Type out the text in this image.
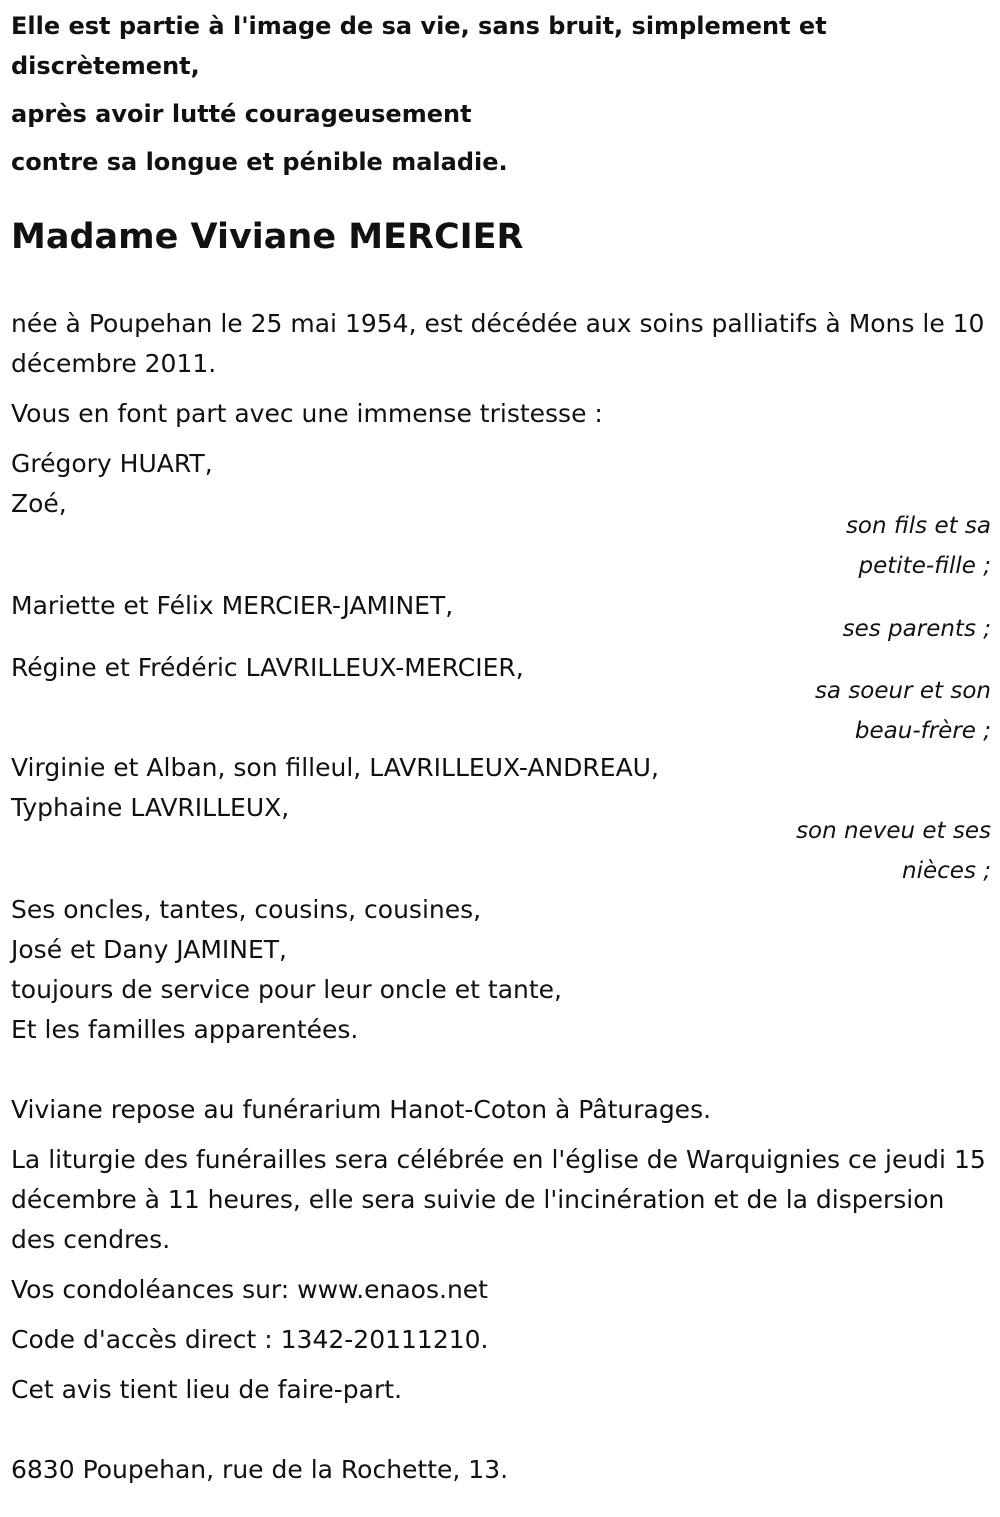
Elle est partie à l'image de sa vie, sans bruit, simplement et discrètement,

après avoir lutté courageusement

contre sa longue et pénible maladie.

Madame Viviane MERCIER

née à Poupehan le 25 mai 1954, est décédée aux soins palliatifs à Mons le 10 décembre 2011.

Vous en font part avec une immense tristesse :

Grégory HUART,

Zoé,

son fils et sa petite-fille ;

Mariette et Félix MERCIER-JAMINET,

ses parents ;

Régine et Frédéric LAVRILLEUX-MERCIER,

sa soeur et son beau-frère ;

Virginie et Alban, son filleul, LAVRILLEUX-ANDREAU,

Typhaine LAVRILLEUX,

son neveu et ses nièces ;

Ses oncles, tantes, cousins, cousines,

José et Dany JAMINET,

toujours de service pour leur oncle et tante,

Et les familles apparentées.

Viviane repose au funérarium Hanot-Coton à Pâturages.

La liturgie des funérailles sera célébrée en l'église de Warquignies ce jeudi 15 décembre à 11 heures, elle sera suivie de l'incinération et de la dispersion des cendres.

Vos condoléances sur: www.enaos.net

Code d'accès direct : 1342-20111210.

Cet avis tient lieu de faire-part.

6830 Poupehan, rue de la Rochette, 13.
